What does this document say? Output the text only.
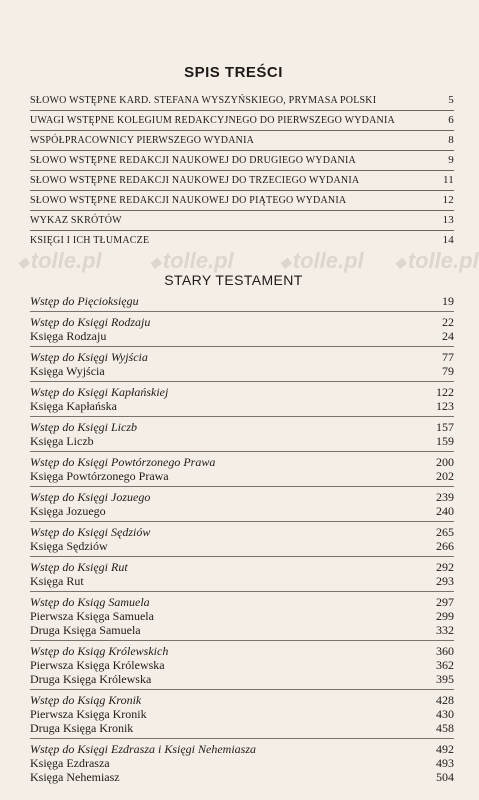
SPIS TREŚCI
SŁOWO WSTĘPNE KARD. STEFANA WYSZYŃSKIEGO, PRYMASA POLSKI	5
UWAGI WSTĘPNE KOLEGIUM REDAKCYJNEGO DO PIERWSZEGO WYDANIA	6
WSPÓŁPRACOWNICY PIERWSZEGO WYDANIA	8
SŁOWO WSTĘPNE REDAKCJI NAUKOWEJ DO DRUGIEGO WYDANIA	9
SŁOWO WSTĘPNE REDAKCJI NAUKOWEJ DO TRZECIEGO WYDANIA	11
SŁOWO WSTĘPNE REDAKCJI NAUKOWEJ DO PIĄTEGO WYDANIA	12
WYKAZ SKRÓTÓW	13
KSIĘGI I ICH TŁUMACZE	14
STARY TESTAMENT
Wstęp do Pięcioksięgu	19
Wstęp do Księgi Rodzaju	22
Księga Rodzaju	24
Wstęp do Księgi Wyjścia	77
Księga Wyjścia	79
Wstęp do Księgi Kapłańskiej	122
Księga Kapłańska	123
Wstęp do Księgi Liczb	157
Księga Liczb	159
Wstęp do Księgi Powtórzonego Prawa	200
Księga Powtórzonego Prawa	202
Wstęp do Księgi Jozuego	239
Księga Jozuego	240
Wstęp do Księgi Sędziów	265
Księga Sędziów	266
Wstęp do Księgi Rut	292
Księga Rut	293
Wstęp do Ksiąg Samuela	297
Pierwsza Księga Samuela	299
Druga Księga Samuela	332
Wstęp do Ksiąg Królewskich	360
Pierwsza Księga Królewska	362
Druga Księga Królewska	395
Wstęp do Ksiąg Kronik	428
Pierwsza Księga Kronik	430
Druga Księga Kronik	458
Wstęp do Księgi Ezdrasza i Księgi Nehemiasza	492
Księga Ezdrasza	493
Księga Nehemiasz	504
◆ tolle.pl	◆ tolle.pl	◆ tolle.pl	◆ tolle.pl
